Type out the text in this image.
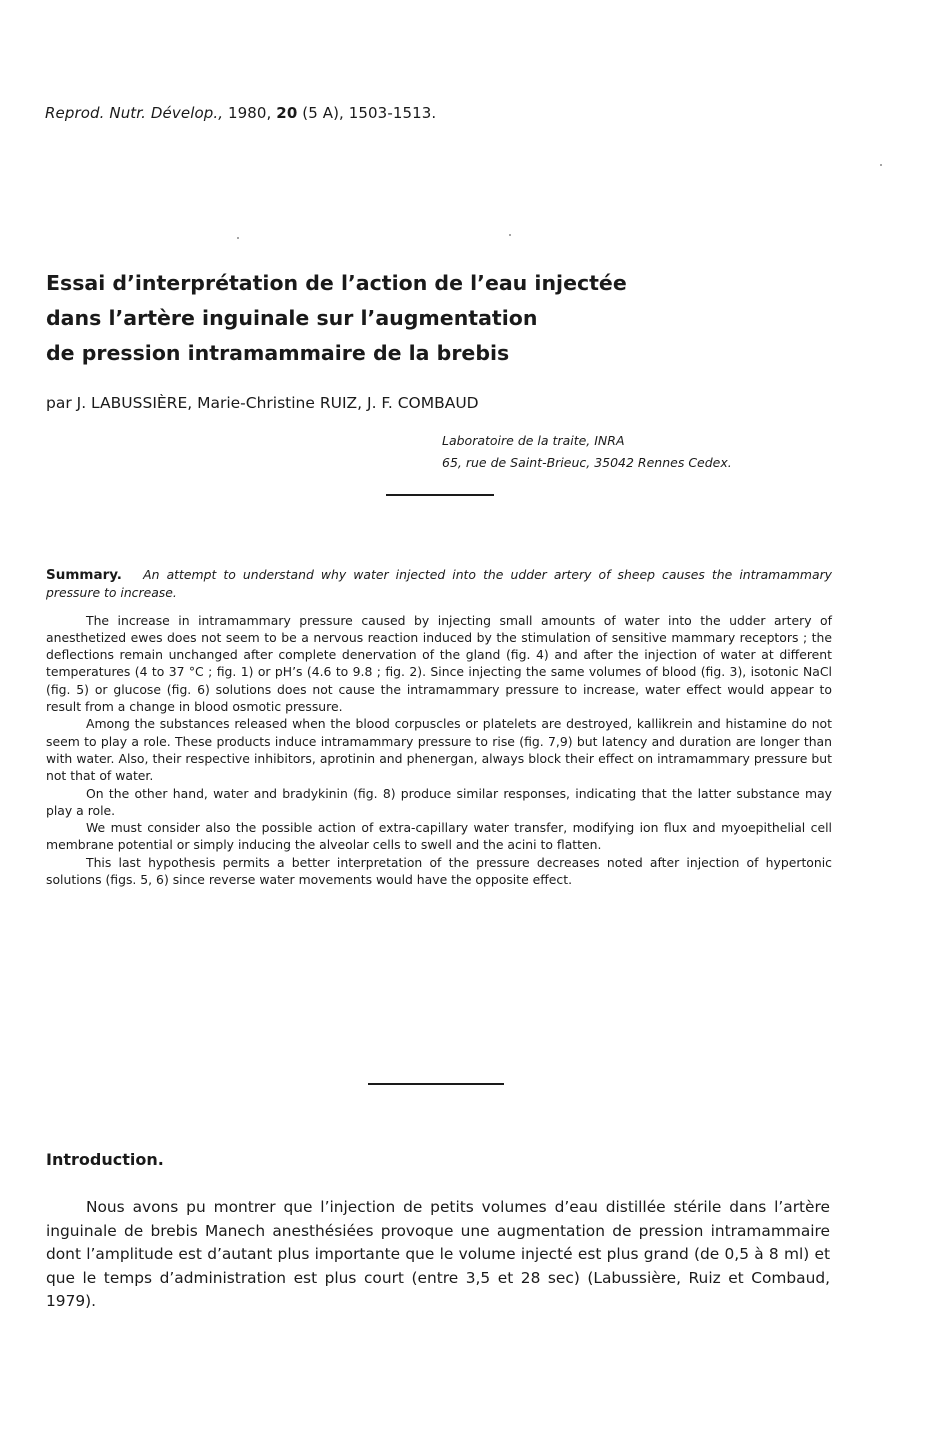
Reprod. Nutr. Dévelop., 1980, 20 (5 A), 1503-1513.
Essai d’interprétation de l’action de l’eau injectée
dans l’artère inguinale sur l’augmentation
de pression intramammaire de la brebis
par J. LABUSSIÈRE, Marie-Christine RUIZ, J. F. COMBAUD
Laboratoire de la traite, INRA
65, rue de Saint-Brieuc, 35042 Rennes Cedex.

Summary. An attempt to understand why water injected into the udder artery of sheep causes the intramammary pressure to increase.

The increase in intramammary pressure caused by injecting small amounts of water into the udder artery of anesthetized ewes does not seem to be a nervous reaction induced by the stimulation of sensitive mammary receptors ; the deflections remain unchanged after complete denervation of the gland (fig. 4) and after the injection of water at different temperatures (4 to 37 °C ; fig. 1) or pH’s (4.6 to 9.8 ; fig. 2). Since injecting the same volumes of blood (fig. 3), isotonic NaCl (fig. 5) or glucose (fig. 6) solutions does not cause the intramammary pressure to increase, water effect would appear to result from a change in blood osmotic pressure.

Among the substances released when the blood corpuscles or platelets are destroyed, kallikrein and histamine do not seem to play a role. These products induce intramammary pressure to rise (fig. 7,9) but latency and duration are longer than with water. Also, their respective inhibitors, aprotinin and phenergan, always block their effect on intramammary pressure but not that of water.

On the other hand, water and bradykinin (fig. 8) produce similar responses, indicating that the latter substance may play a role.

We must consider also the possible action of extra-capillary water transfer, modifying ion flux and myoepithelial cell membrane potential or simply inducing the alveolar cells to swell and the acini to flatten.

This last hypothesis permits a better interpretation of the pressure decreases noted after injection of hypertonic solutions (figs. 5, 6) since reverse water movements would have the opposite effect.

Introduction.

Nous avons pu montrer que l’injection de petits volumes d’eau distillée stérile dans l’artère inguinale de brebis Manech anesthésiées provoque une augmentation de pression intramammaire dont l’amplitude est d’autant plus importante que le volume injecté est plus grand (de 0,5 à 8 ml) et que le temps d’administration est plus court (entre 3,5 et 28 sec) (Labussière, Ruiz et Combaud, 1979).
